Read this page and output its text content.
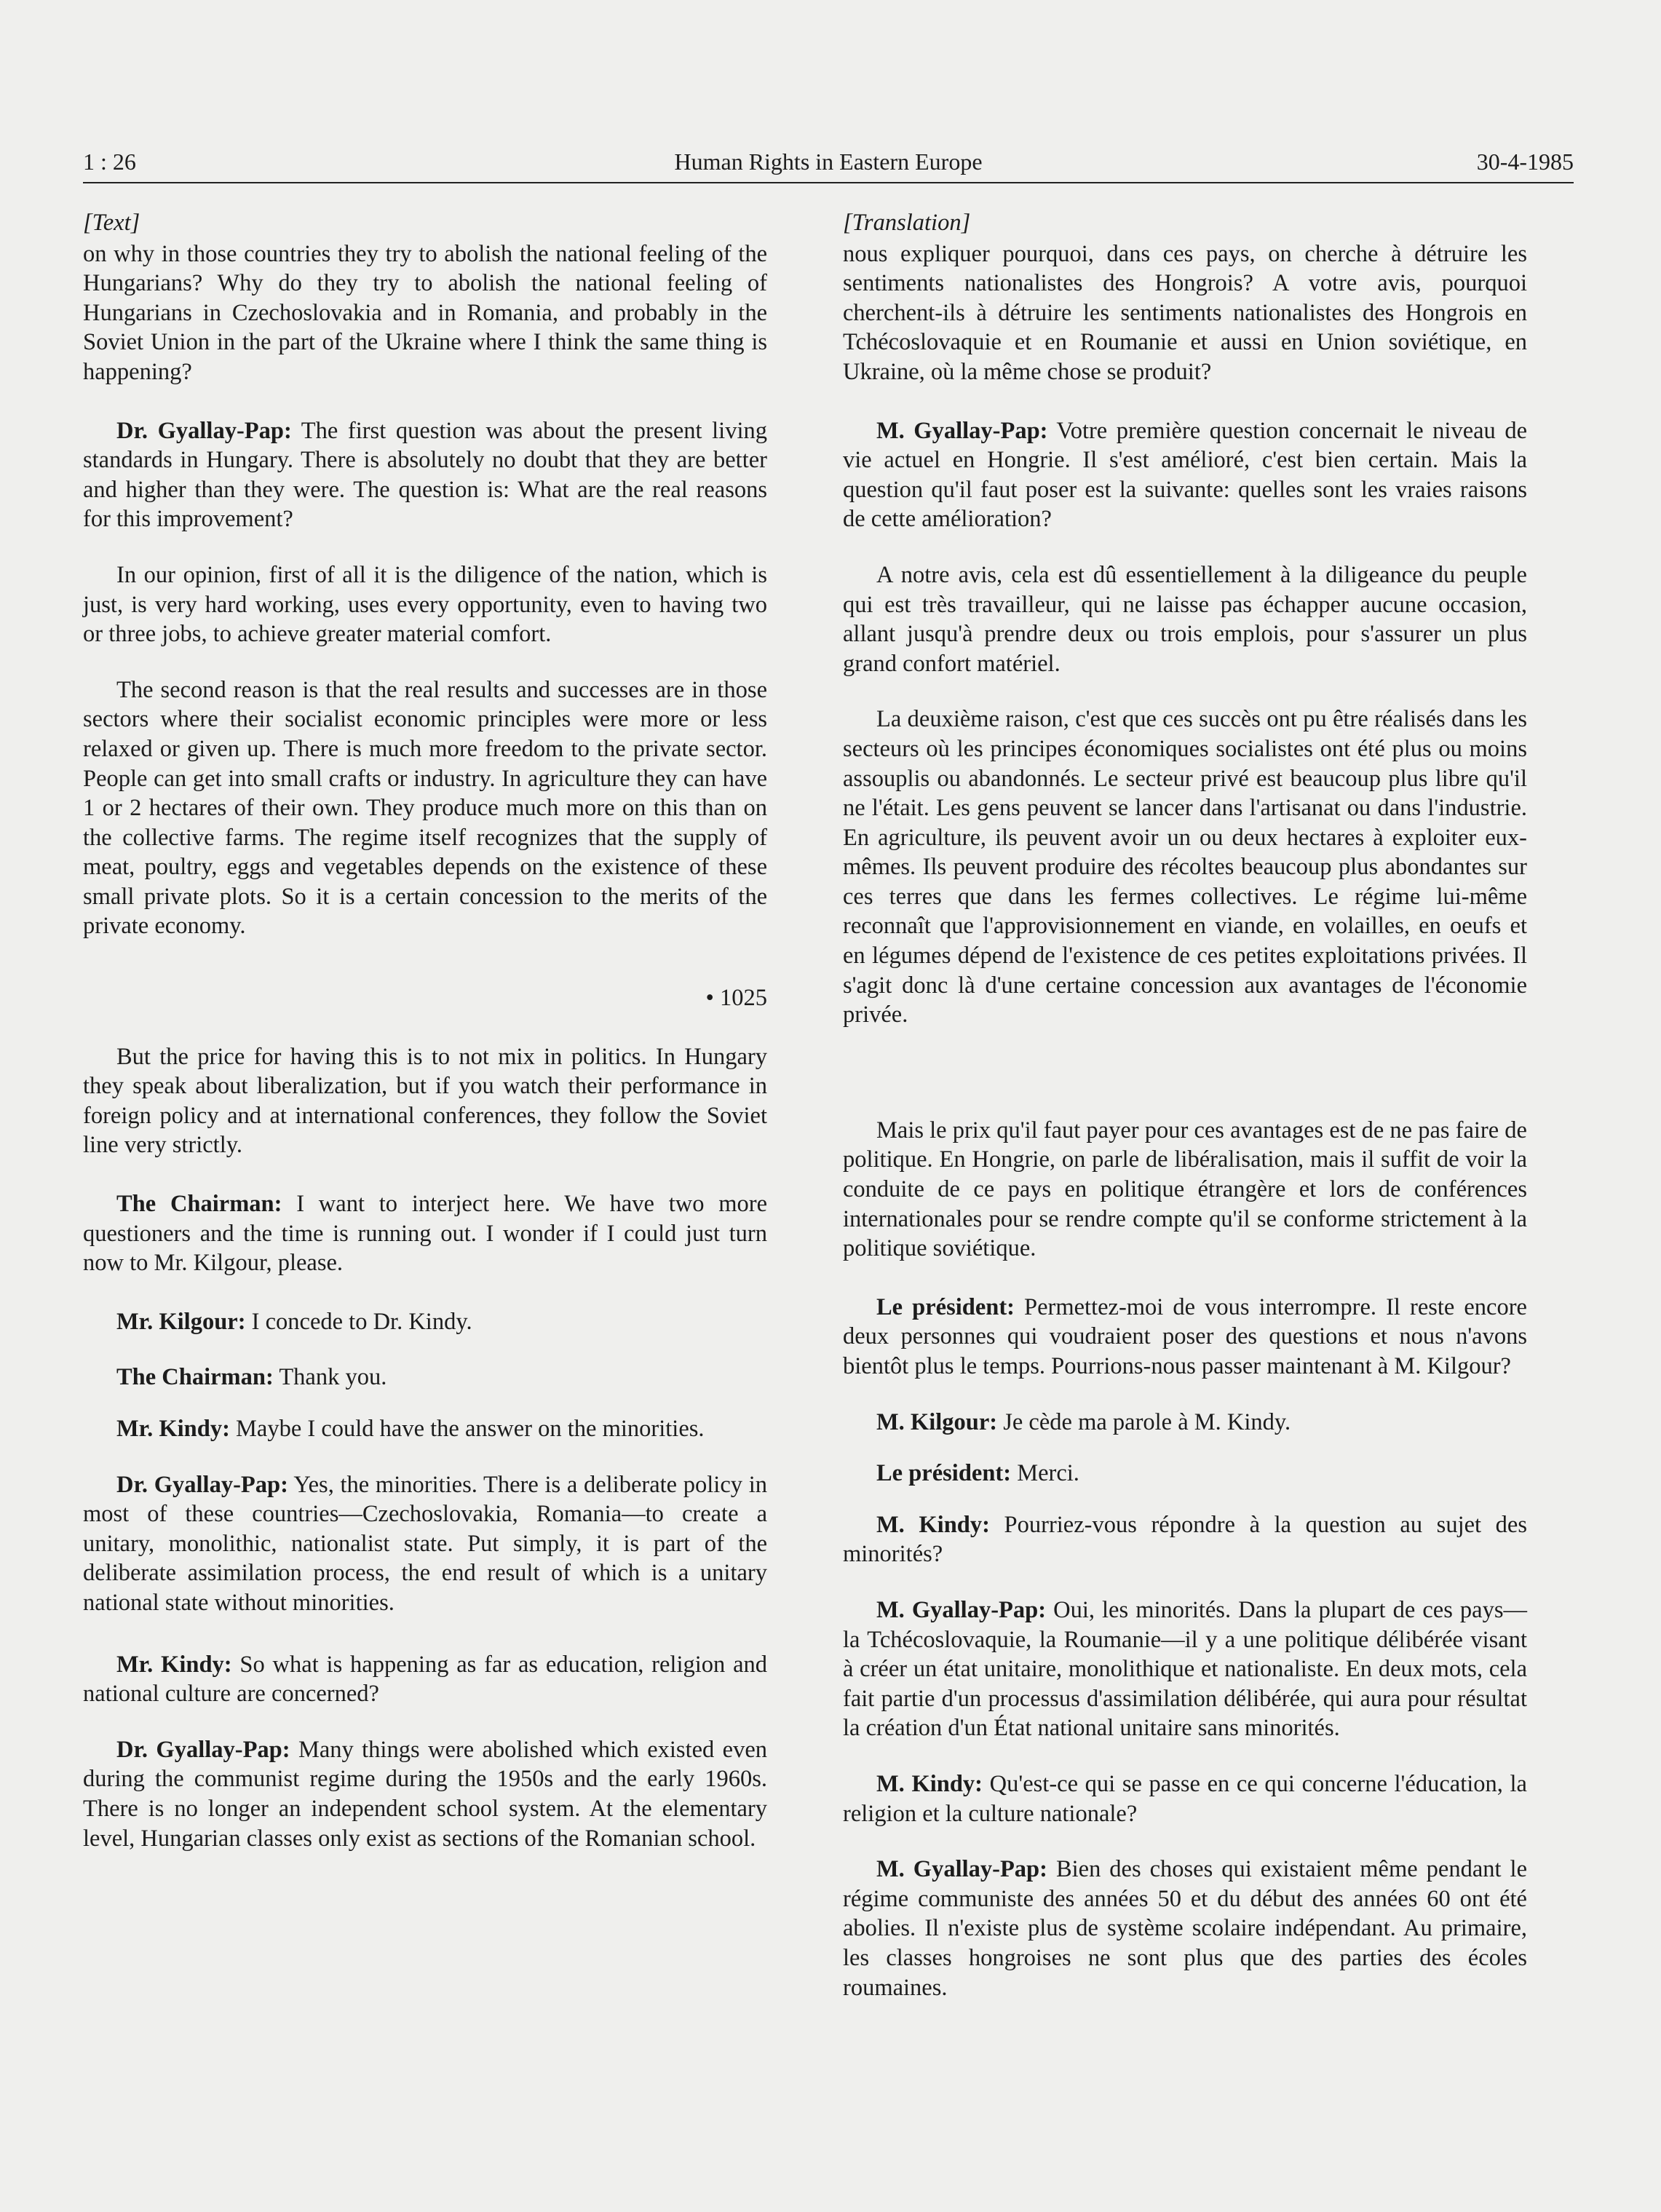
1 : 26	Human Rights in Eastern Europe	30-4-1985
[Text]

on why in those countries they try to abolish the national feeling of the Hungarians? Why do they try to abolish the national feeling of Hungarians in Czechoslovakia and in Romania, and probably in the Soviet Union in the part of the Ukraine where I think the same thing is happening?

Dr. Gyallay-Pap: The first question was about the present living standards in Hungary. There is absolutely no doubt that they are better and higher than they were. The question is: What are the real reasons for this improvement?

In our opinion, first of all it is the diligence of the nation, which is just, is very hard working, uses every opportunity, even to having two or three jobs, to achieve greater material comfort.

The second reason is that the real results and successes are in those sectors where their socialist economic principles were more or less relaxed or given up. There is much more freedom to the private sector. People can get into small crafts or industry. In agriculture they can have 1 or 2 hectares of their own. They produce much more on this than on the collective farms. The regime itself recognizes that the supply of meat, poultry, eggs and vegetables depends on the existence of these small private plots. So it is a certain concession to the merits of the private economy.

• 1025

But the price for having this is to not mix in politics. In Hungary they speak about liberalization, but if you watch their performance in foreign policy and at international conferences, they follow the Soviet line very strictly.

The Chairman: I want to interject here. We have two more questioners and the time is running out. I wonder if I could just turn now to Mr. Kilgour, please.

Mr. Kilgour: I concede to Dr. Kindy.

The Chairman: Thank you.

Mr. Kindy: Maybe I could have the answer on the minorities.

Dr. Gyallay-Pap: Yes, the minorities. There is a deliberate policy in most of these countries—Czechoslovakia, Romania—to create a unitary, monolithic, nationalist state. Put simply, it is part of the deliberate assimilation process, the end result of which is a unitary national state without minorities.

Mr. Kindy: So what is happening as far as education, religion and national culture are concerned?

Dr. Gyallay-Pap: Many things were abolished which existed even during the communist regime during the 1950s and the early 1960s. There is no longer an independent school system. At the elementary level, Hungarian classes only exist as sections of the Romanian school.

[Translation]

nous expliquer pourquoi, dans ces pays, on cherche à détruire les sentiments nationalistes des Hongrois? A votre avis, pourquoi cherchent-ils à détruire les sentiments nationalistes des Hongrois en Tchécoslovaquie et en Roumanie et aussi en Union soviétique, en Ukraine, où la même chose se produit?

M. Gyallay-Pap: Votre première question concernait le niveau de vie actuel en Hongrie. Il s'est amélioré, c'est bien certain. Mais la question qu'il faut poser est la suivante: quelles sont les vraies raisons de cette amélioration?

A notre avis, cela est dû essentiellement à la diligeance du peuple qui est très travailleur, qui ne laisse pas échapper aucune occasion, allant jusqu'à prendre deux ou trois emplois, pour s'assurer un plus grand confort matériel.

La deuxième raison, c'est que ces succès ont pu être réalisés dans les secteurs où les principes économiques socialistes ont été plus ou moins assouplis ou abandonnés. Le secteur privé est beaucoup plus libre qu'il ne l'était. Les gens peuvent se lancer dans l'artisanat ou dans l'industrie. En agriculture, ils peuvent avoir un ou deux hectares à exploiter eux-mêmes. Ils peuvent produire des récoltes beaucoup plus abondantes sur ces terres que dans les fermes collectives. Le régime lui-même reconnaît que l'approvisionnement en viande, en volailles, en oeufs et en légumes dépend de l'existence de ces petites exploitations privées. Il s'agit donc là d'une certaine concession aux avantages de l'économie privée.

Mais le prix qu'il faut payer pour ces avantages est de ne pas faire de politique. En Hongrie, on parle de libéralisation, mais il suffit de voir la conduite de ce pays en politique étrangère et lors de conférences internationales pour se rendre compte qu'il se conforme strictement à la politique soviétique.

Le président: Permettez-moi de vous interrompre. Il reste encore deux personnes qui voudraient poser des questions et nous n'avons bientôt plus le temps. Pourrions-nous passer maintenant à M. Kilgour?

M. Kilgour: Je cède ma parole à M. Kindy.

Le président: Merci.

M. Kindy: Pourriez-vous répondre à la question au sujet des minorités?

M. Gyallay-Pap: Oui, les minorités. Dans la plupart de ces pays—la Tchécoslovaquie, la Roumanie—il y a une politique délibérée visant à créer un état unitaire, monolithique et nationaliste. En deux mots, cela fait partie d'un processus d'assimilation délibérée, qui aura pour résultat la création d'un État national unitaire sans minorités.

M. Kindy: Qu'est-ce qui se passe en ce qui concerne l'éducation, la religion et la culture nationale?

M. Gyallay-Pap: Bien des choses qui existaient même pendant le régime communiste des années 50 et du début des années 60 ont été abolies. Il n'existe plus de système scolaire indépendant. Au primaire, les classes hongroises ne sont plus que des parties des écoles roumaines.
